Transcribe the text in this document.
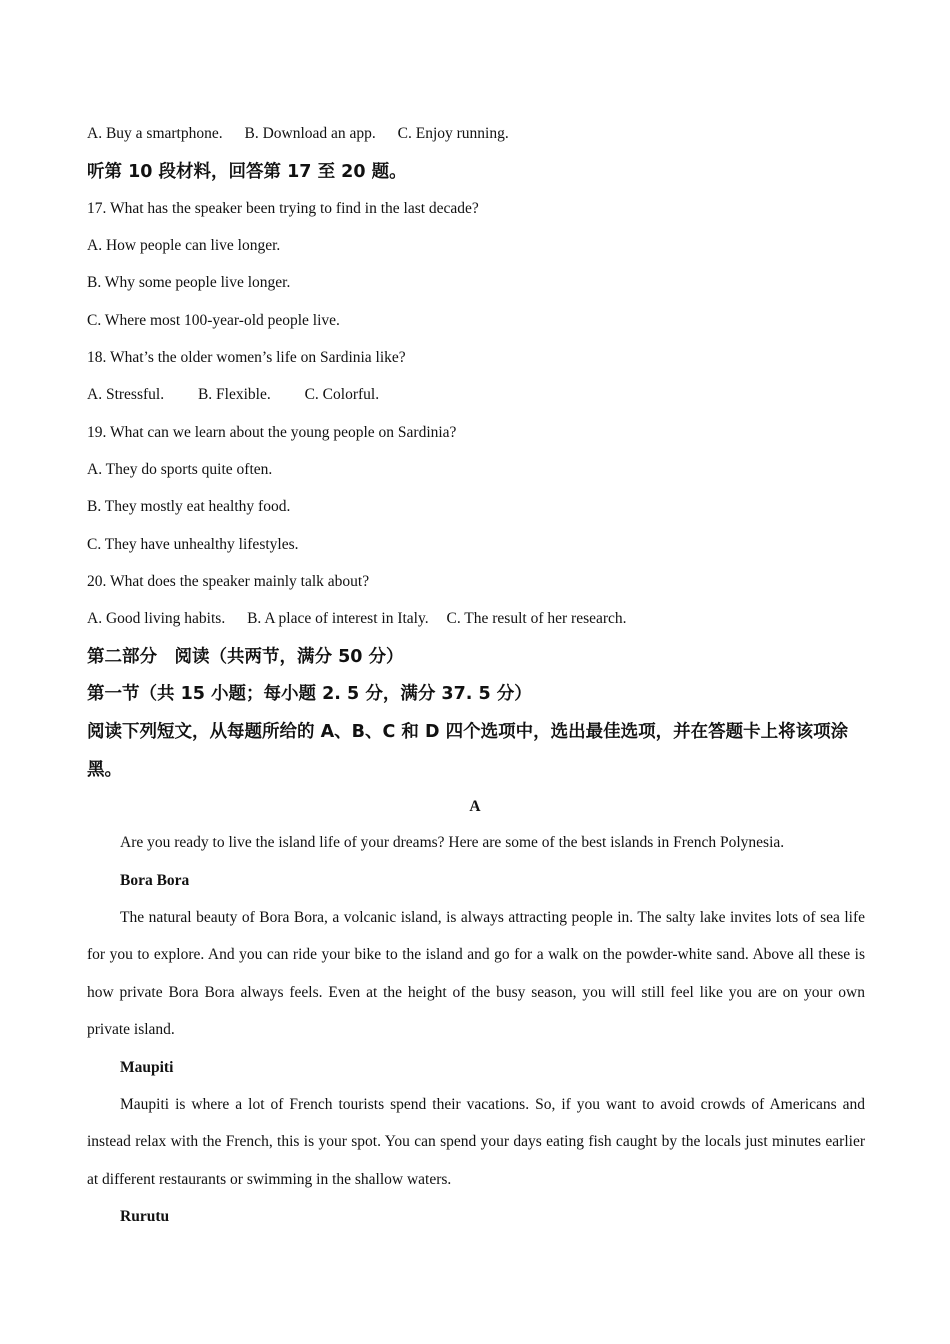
A. Buy a smartphone. B. Download an app. C. Enjoy running.
听第 10 段材料，回答第 17 至 20 题。
17. What has the speaker been trying to find in the last decade?
A. How people can live longer.
B. Why some people live longer.
C. Where most 100-year-old people live.
18. What’s the older women’s life on Sardinia like?
A. Stressful. B. Flexible. C. Colorful.
19. What can we learn about the young people on Sardinia?
A. They do sports quite often.
B. They mostly eat healthy food.
C. They have unhealthy lifestyles.
20. What does the speaker mainly talk about?
A. Good living habits. B. A place of interest in Italy. C. The result of her research.
第二部分　阅读（共两节，满分 50 分）
第一节（共 15 小题；每小题 2. 5 分，满分 37. 5 分）
阅读下列短文，从每题所给的 A、B、C 和 D 四个选项中，选出最佳选项，并在答题卡上将该项涂黑。
A
Are you ready to live the island life of your dreams? Here are some of the best islands in French Polynesia.
Bora Bora
The natural beauty of Bora Bora, a volcanic island, is always attracting people in. The salty lake invites lots of sea life for you to explore. And you can ride your bike to the island and go for a walk on the powder-white sand. Above all these is how private Bora Bora always feels. Even at the height of the busy season, you will still feel like you are on your own private island.
Maupiti
Maupiti is where a lot of French tourists spend their vacations. So, if you want to avoid crowds of Americans and instead relax with the French, this is your spot. You can spend your days eating fish caught by the locals just minutes earlier at different restaurants or swimming in the shallow waters.
Rurutu
